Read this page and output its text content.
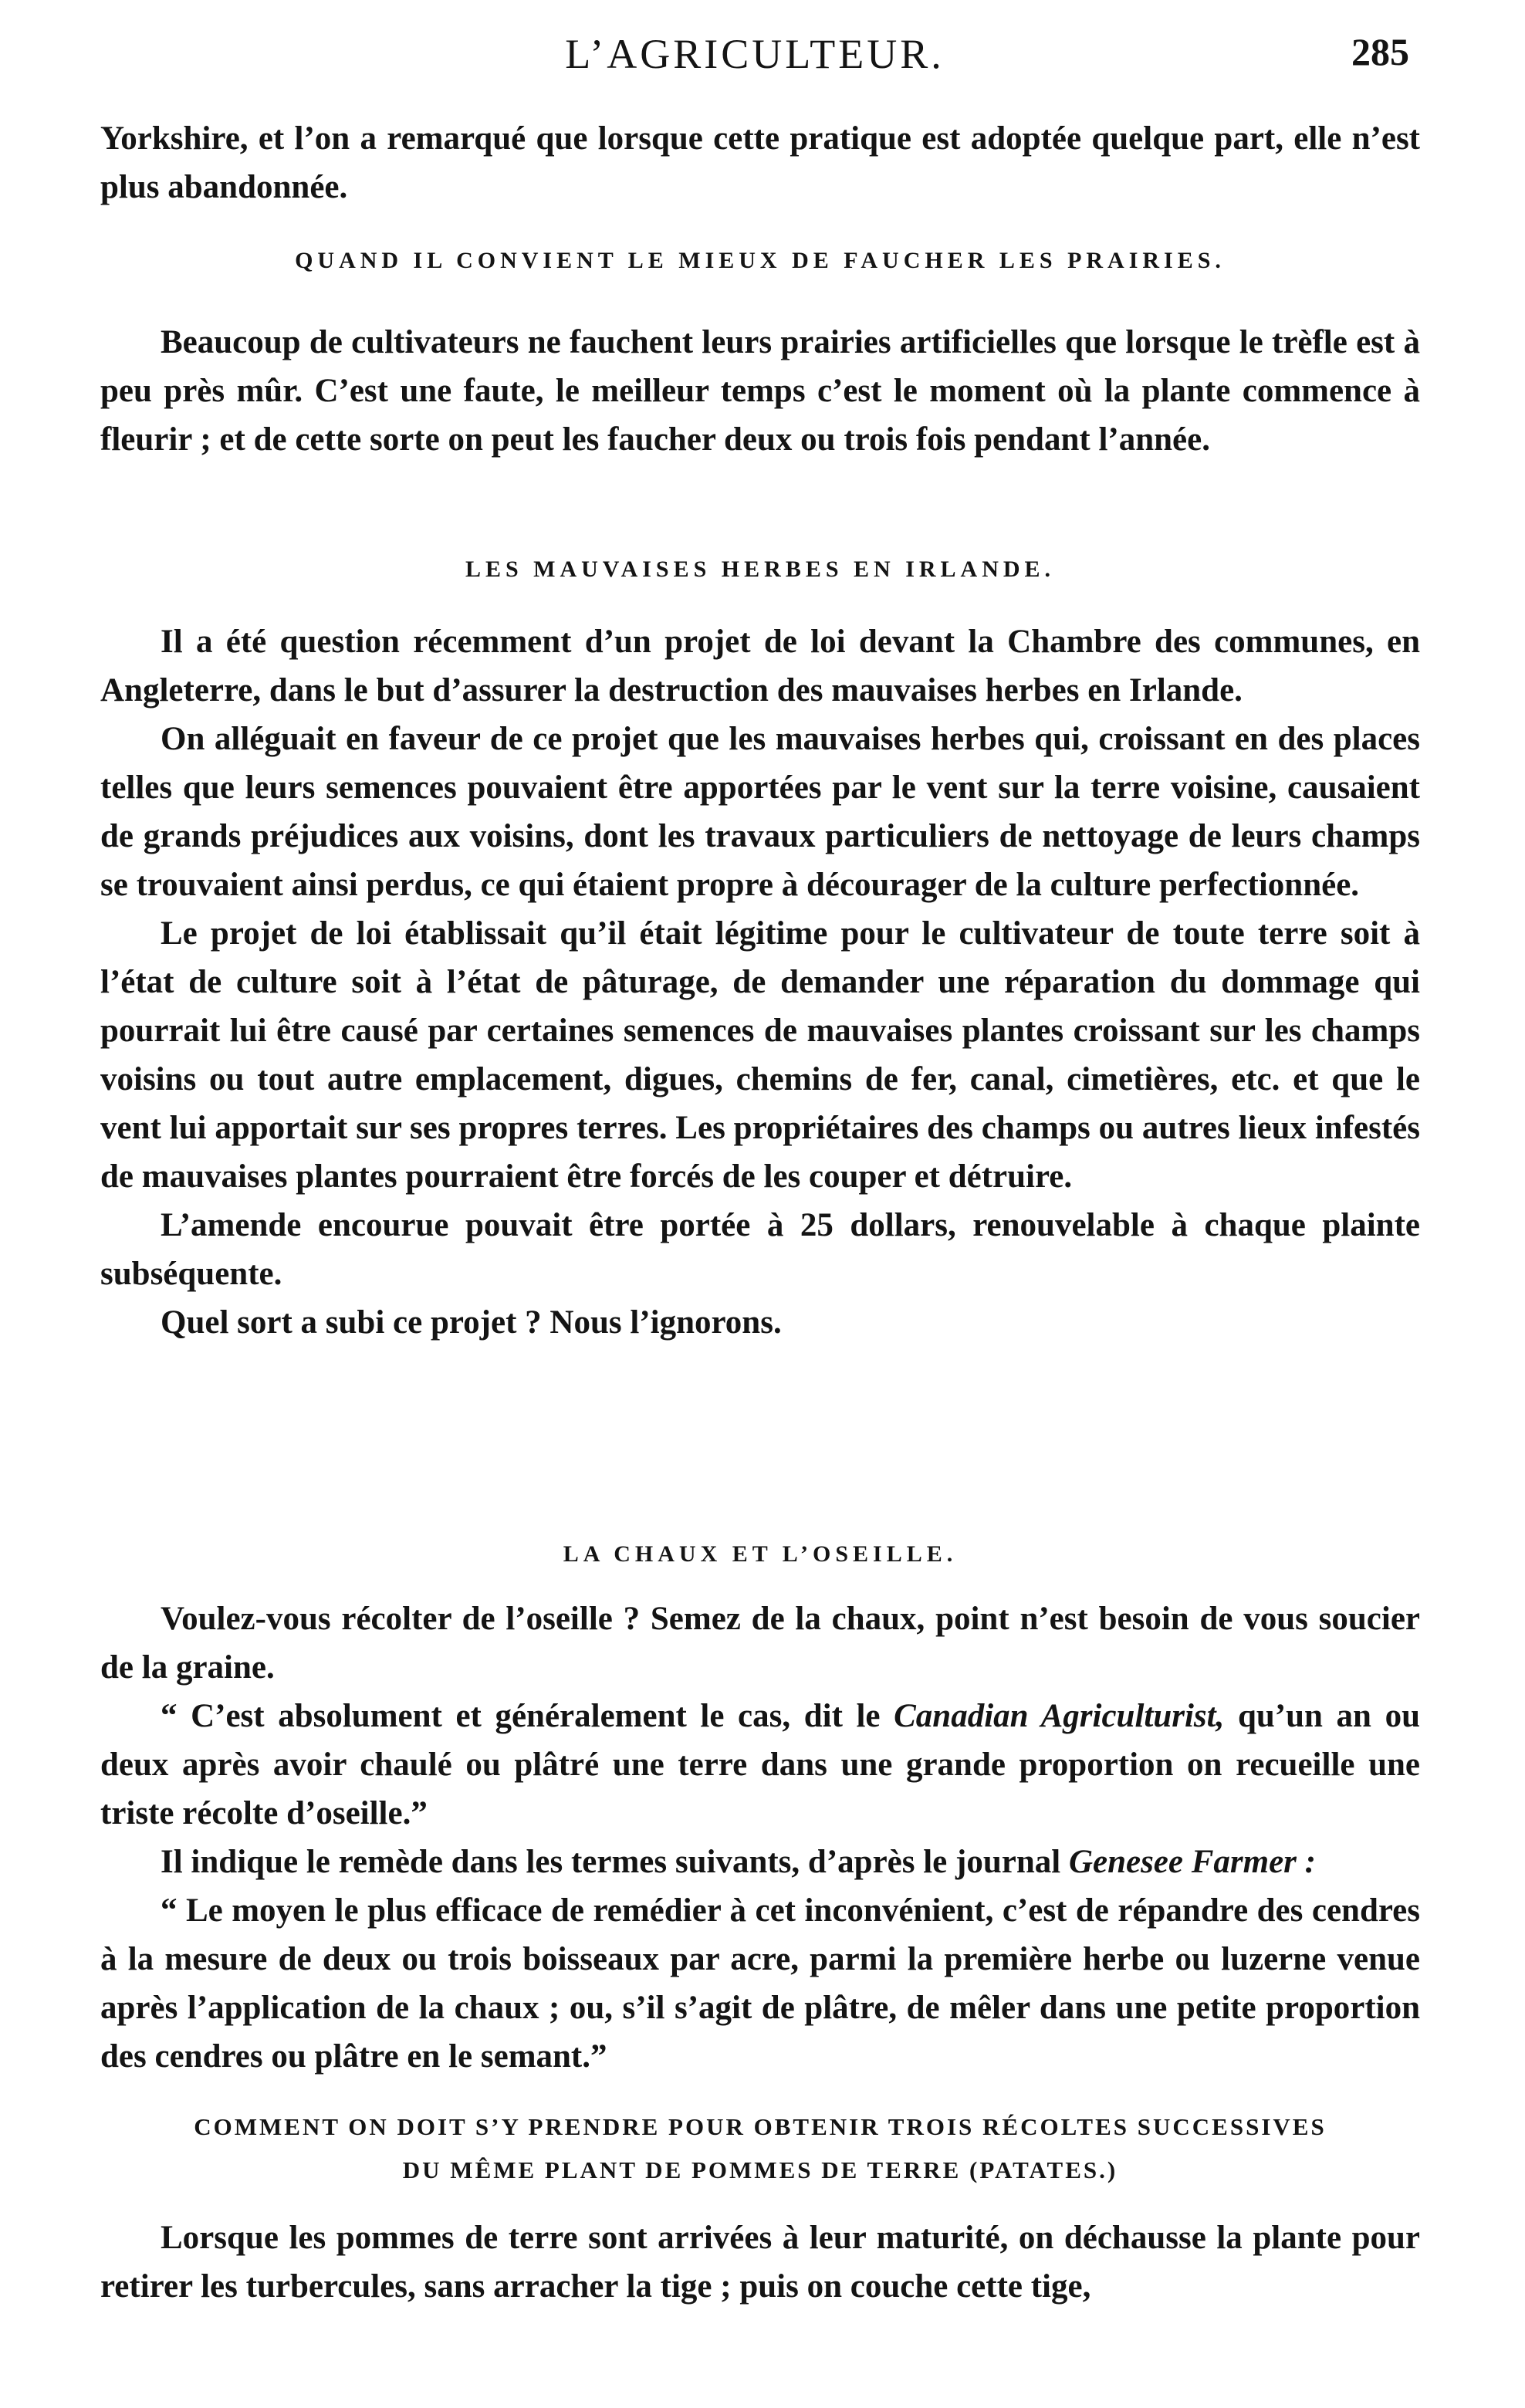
L’AGRICULTEUR.	285

Yorkshire, et l’on a remarqué que lorsque cette pratique est adoptée quelque part, elle n’est plus abandonnée.

QUAND IL CONVIENT LE MIEUX DE FAUCHER LES PRAIRIES.

Beaucoup de cultivateurs ne fauchent leurs prairies artificielles que lorsque le trèfle est à peu près mûr. C’est une faute, le meilleur temps c’est le moment où la plante commence à fleurir ; et de cette sorte on peut les faucher deux ou trois fois pendant l’année.

LES MAUVAISES HERBES EN IRLANDE.

Il a été question récemment d’un projet de loi devant la Chambre des communes, en Angleterre, dans le but d’assurer la destruction des mauvaises herbes en Irlande.

On alléguait en faveur de ce projet que les mauvaises herbes qui, croissant en des places telles que leurs semences pouvaient être apportées par le vent sur la terre voisine, causaient de grands préjudices aux voisins, dont les travaux particuliers de nettoyage de leurs champs se trouvaient ainsi perdus, ce qui étaient propre à décourager de la culture perfectionnée.

Le projet de loi établissait qu’il était légitime pour le cultivateur de toute terre soit à l’état de culture soit à l’état de pâturage, de demander une réparation du dommage qui pourrait lui être causé par certaines semences de mauvaises plantes croissant sur les champs voisins ou tout autre emplacement, digues, chemins de fer, canal, cimetières, etc. et que le vent lui apportait sur ses propres terres. Les propriétaires des champs ou autres lieux infestés de mauvaises plantes pourraient être forcés de les couper et détruire.

L’amende encourue pouvait être portée à 25 dollars, renouvelable à chaque plainte subséquente.

Quel sort a subi ce projet ? Nous l’ignorons.

LA CHAUX ET L’OSEILLE.

Voulez-vous récolter de l’oseille ? Semez de la chaux, point n’est besoin de vous soucier de la graine.

“ C’est absolument et généralement le cas, dit le Canadian Agriculturist, qu’un an ou deux après avoir chaulé ou plâtré une terre dans une grande proportion on recueille une triste récolte d’oseille.”

Il indique le remède dans les termes suivants, d’après le journal Genesee Farmer :

“ Le moyen le plus efficace de remédier à cet inconvénient, c’est de répandre des cendres à la mesure de deux ou trois boisseaux par acre, parmi la première herbe ou luzerne venue après l’application de la chaux ; ou, s’il s’agit de plâtre, de mêler dans une petite proportion des cendres ou plâtre en le semant.”

COMMENT ON DOIT S’Y PRENDRE POUR OBTENIR TROIS RÉCOLTES SUCCESSIVES

DU MÊME PLANT DE POMMES DE TERRE (PATATES.)

Lorsque les pommes de terre sont arrivées à leur maturité, on déchausse la plante pour retirer les turbercules, sans arracher la tige ; puis on couche cette tige,
